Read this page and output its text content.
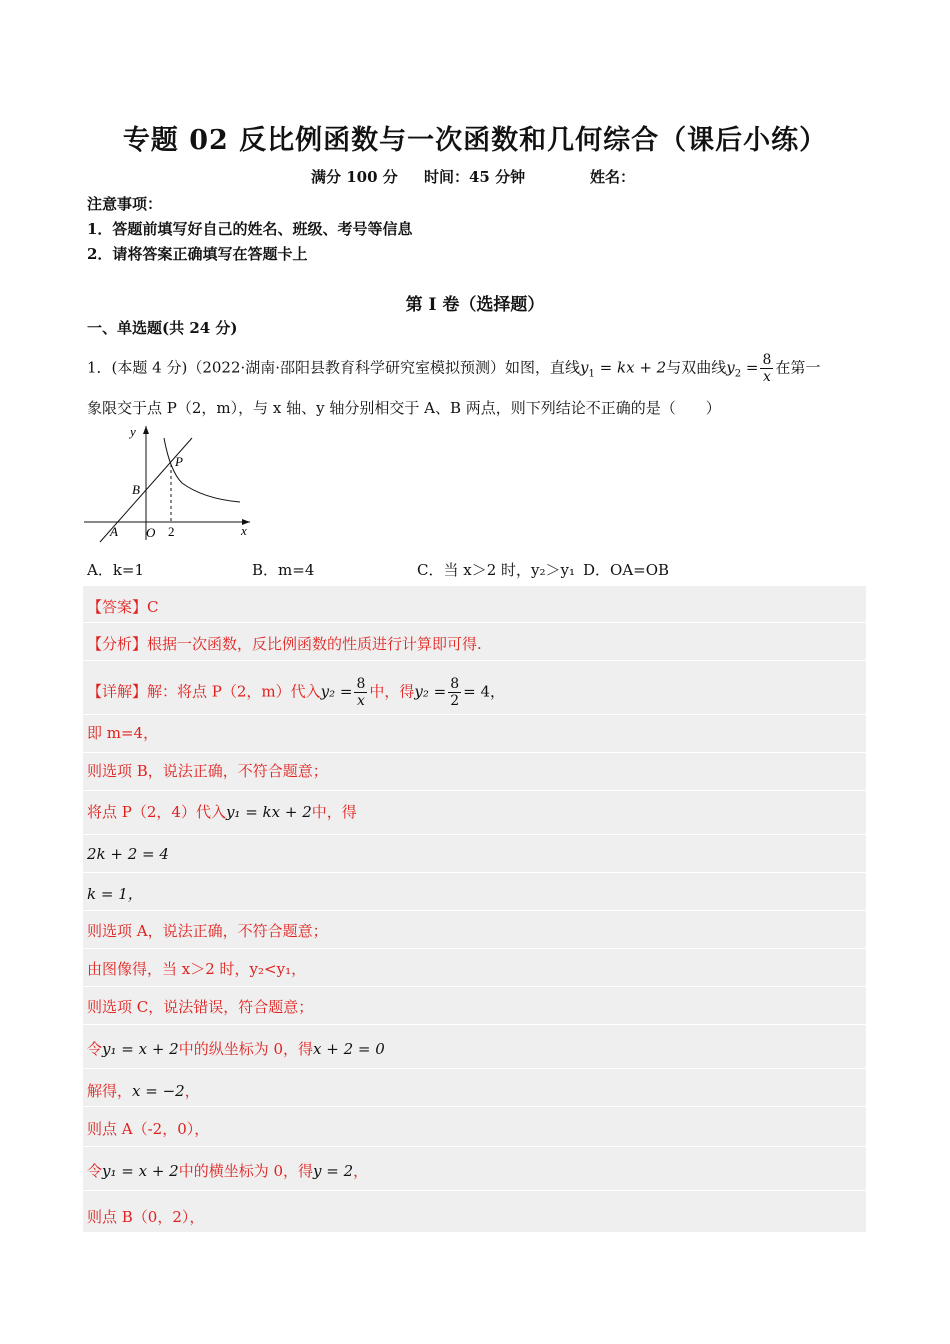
专题 02 反比例函数与一次函数和几何综合（课后小练）
满分 100 分 时间：45 分钟	姓名：
注意事项：
1．答题前填写好自己的姓名、班级、考号等信息
2．请将答案正确填写在答题卡上
第 I 卷（选择题）
一、单选题(共 24 分)
1．(本题 4 分)（2022·湖南·邵阳县教育科学研究室模拟预测）如图，直线$y_1$ = kx + 2与双曲线$y_2 = \frac{8}{x}$ 在第一
象限交于点 P（2，m），与 x 轴、y 轴分别相交于 A、B 两点，则下列结论不正确的是（　　）
y
x
O
A
B
P
2
A．k=1	B．m=4	C．当 x＞2 时，y₂＞y₁ D．OA=OB
【答案】C
【分析】根据一次函数，反比例函数的性质进行计算即可得.
【详解】解：将点 P（2，m）代入$y_2 = \frac{8}{x}$ 中，得$y_2 = \frac{8}{2} = 4$，
即 m=4，
则选项 B，说法正确，不符合题意；
将点 P（2，4）代入y₁ = kx + 2中，得
2k + 2 = 4
k = 1，
则选项 A，说法正确，不符合题意；
由图像得，当 x＞2 时，y₂<y₁，
则选项 C，说法错误，符合题意；
令y₁ = x + 2中的纵坐标为 0，得x + 2 = 0
解得，x = −2，
则点 A（-2，0），
令y₁ = x + 2中的横坐标为 0，得y = 2，
则点 B（0，2），
